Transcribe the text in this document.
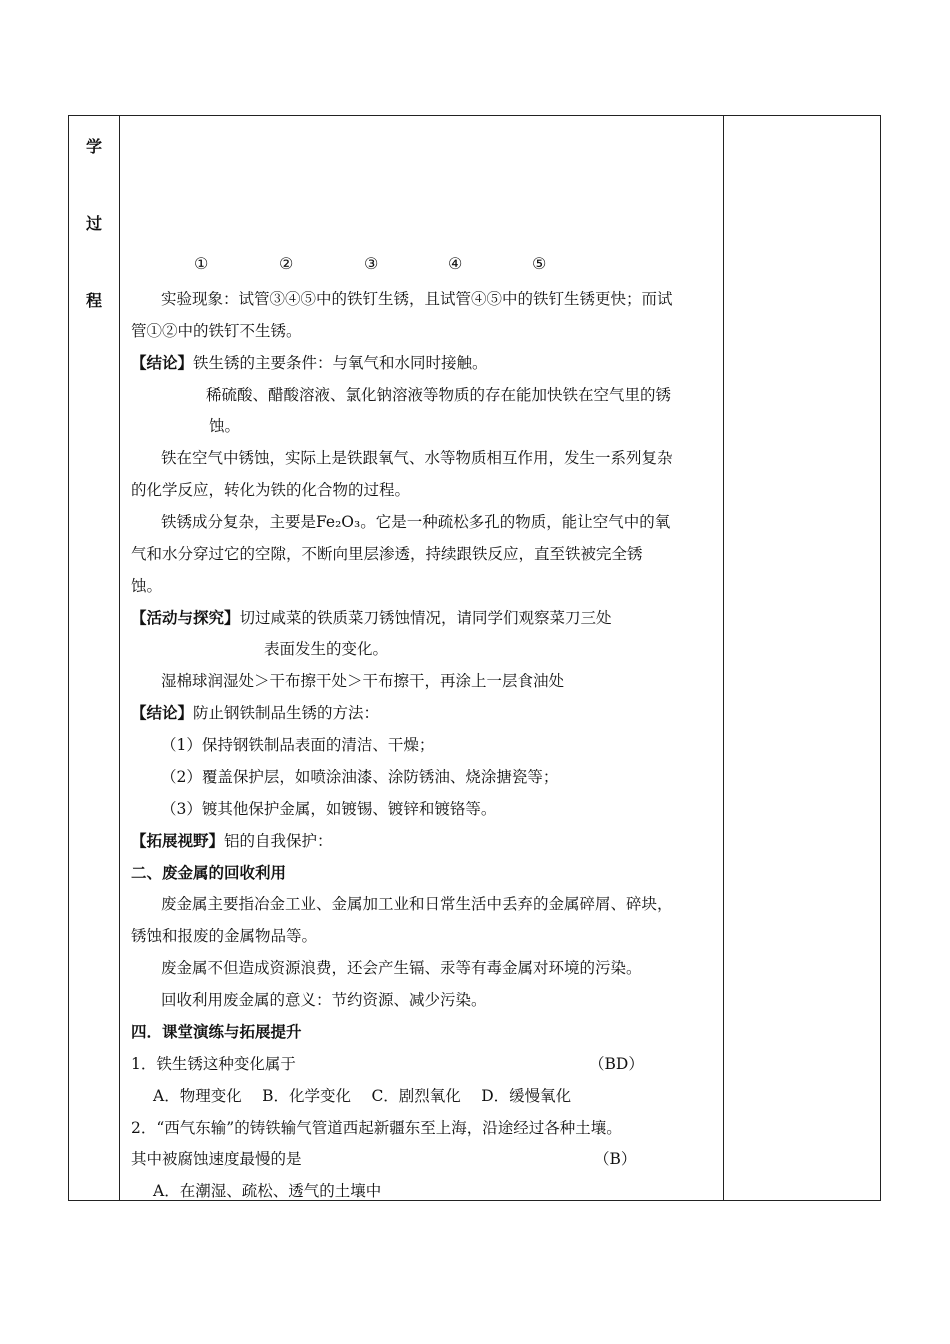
学
过
程
①	②	③	④	⑤
实验现象：试管③④⑤中的铁钉生锈，且试管④⑤中的铁钉生锈更快；而试
管①②中的铁钉不生锈。
【结论】铁生锈的主要条件：与氧气和水同时接触。
稀硫酸、醋酸溶液、氯化钠溶液等物质的存在能加快铁在空气里的锈
蚀。
铁在空气中锈蚀，实际上是铁跟氧气、水等物质相互作用，发生一系列复杂
的化学反应，转化为铁的化合物的过程。
铁锈成分复杂，主要是Fe₂O₃。它是一种疏松多孔的物质，能让空气中的氧
气和水分穿过它的空隙，不断向里层渗透，持续跟铁反应，直至铁被完全锈
蚀。
【活动与探究】切过咸菜的铁质菜刀锈蚀情况，请同学们观察菜刀三处
表面发生的变化。
湿棉球润湿处＞干布擦干处＞干布擦干，再涂上一层食油处
【结论】防止钢铁制品生锈的方法：
（1）保持钢铁制品表面的清洁、干燥；
（2）覆盖保护层，如喷涂油漆、涂防锈油、烧涂搪瓷等；
（3）镀其他保护金属，如镀锡、镀锌和镀铬等。
【拓展视野】铝的自我保护：
二、废金属的回收利用
废金属主要指冶金工业、金属加工业和日常生活中丢弃的金属碎屑、碎块，
锈蚀和报废的金属物品等。
废金属不但造成资源浪费，还会产生镉、汞等有毒金属对环境的污染。
回收利用废金属的意义：节约资源、减少污染。
四．课堂演练与拓展提升
1．铁生锈这种变化属于	（BD）
A．物理变化　 B．化学变化 　C．剧烈氧化　 D．缓慢氧化
2．“西气东输”的铸铁输气管道西起新疆东至上海，沿途经过各种土壤。
其中被腐蚀速度最慢的是	（B）
A．在潮湿、疏松、透气的土壤中
